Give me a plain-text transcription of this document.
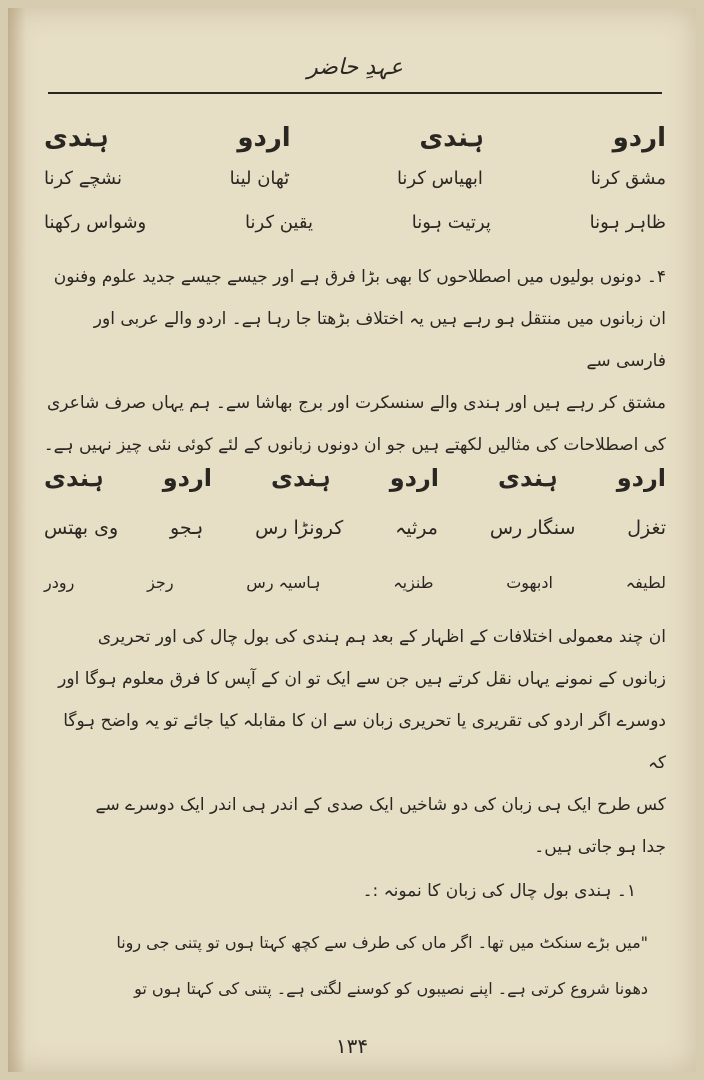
عہدِ حاضر
اردو
ہندی
اردو
ہندی
مشق کرنا
ابھیاس کرنا
ٹھان لینا
نشچے کرنا
ظاہر ہونا
پرتیت ہونا
یقین کرنا
وشواس رکھنا
۴۔ دونوں بولیوں میں اصطلاحوں کا بھی بڑا فرق ہے اور جیسے جیسے جدید علوم وفنون
ان زبانوں میں منتقل ہو رہے ہیں یہ اختلاف بڑھتا جا رہا ہے۔ اردو والے عربی اور فارسی سے
مشتق کر رہے ہیں اور ہندی والے سنسکرت اور برج بھاشا سے۔ ہم یہاں صرف شاعری
کی اصطلاحات کی مثالیں لکھتے ہیں جو ان دونوں زبانوں کے لئے کوئی نئی چیز نہیں ہے۔
اردو
ہندی
اردو
ہندی
اردو
ہندی
تغزل
سنگار رس
مرثیہ
کرونڑا رس
ہجو
وی بھتس
لطیفہ
ادبھوت
طنزیہ
ہاسیہ رس
رجز
رودر
ان چند معمولی اختلافات کے اظہار کے بعد ہم ہندی کی بول چال کی اور تحریری
زبانوں کے نمونے یہاں نقل کرتے ہیں جن سے ایک تو ان کے آپس کا فرق معلوم ہوگا اور
دوسرے اگر اردو کی تقریری یا تحریری زبان سے ان کا مقابلہ کیا جائے تو یہ واضح ہوگا کہ
کس طرح ایک ہی زبان کی دو شاخیں ایک صدی کے اندر ہی اندر ایک دوسرے سے
جدا ہو جاتی ہیں۔
۱۔ ہندی بول چال کی زبان کا نمونہ :۔
"میں بڑے سنکٹ میں تھا۔ اگر ماں کی طرف سے کچھ کہتا ہوں تو پتنی جی رونا
دھونا شروع کرتی ہے۔ اپنے نصیبوں کو کوسنے لگتی ہے۔ پتنی کی کہتا ہوں تو
۱۳۴
